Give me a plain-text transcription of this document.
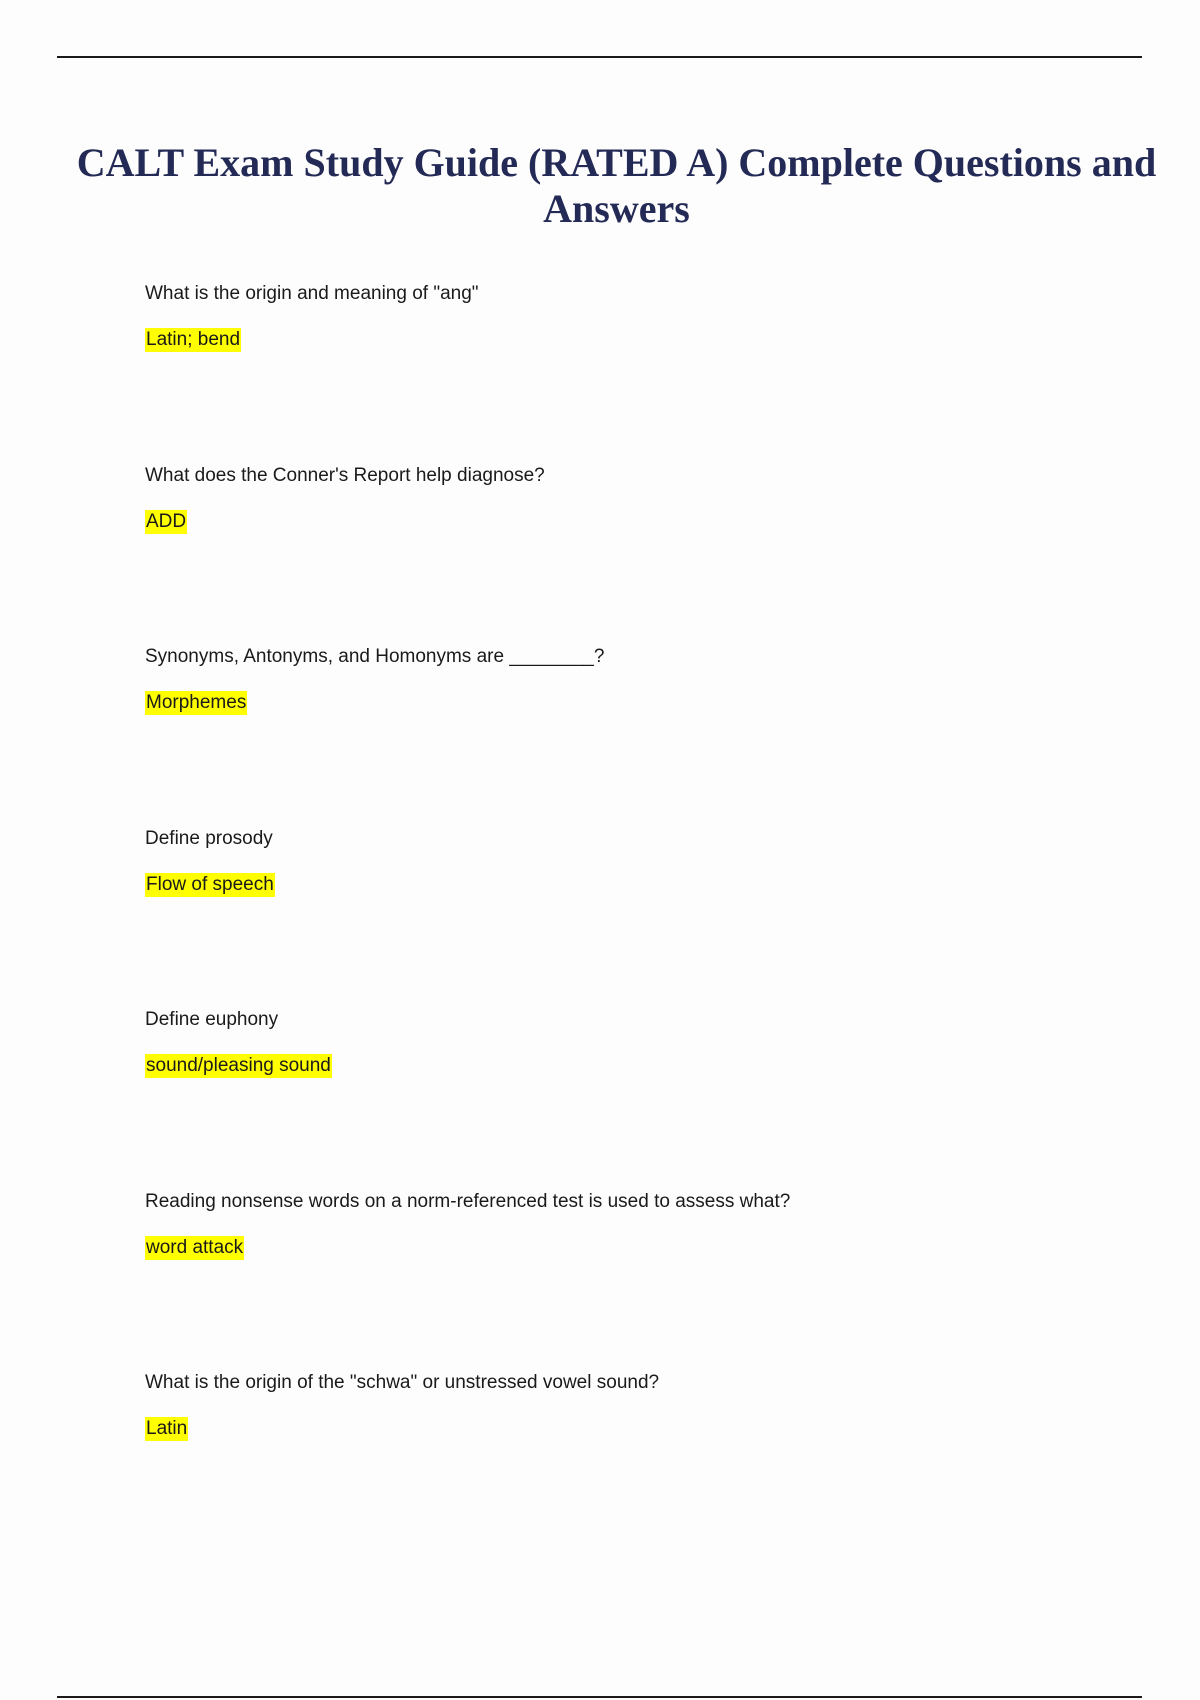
CALT Exam Study Guide (RATED A) Complete Questions and Answers
What is the origin and meaning of "ang"
Latin; bend
What does the Conner's Report help diagnose?
ADD
Synonyms, Antonyms, and Homonyms are ________?
Morphemes
Define prosody
Flow of speech
Define euphony
sound/pleasing sound
Reading nonsense words on a norm-referenced test is used to assess what?
word attack
What is the origin of the "schwa" or unstressed vowel sound?
Latin
